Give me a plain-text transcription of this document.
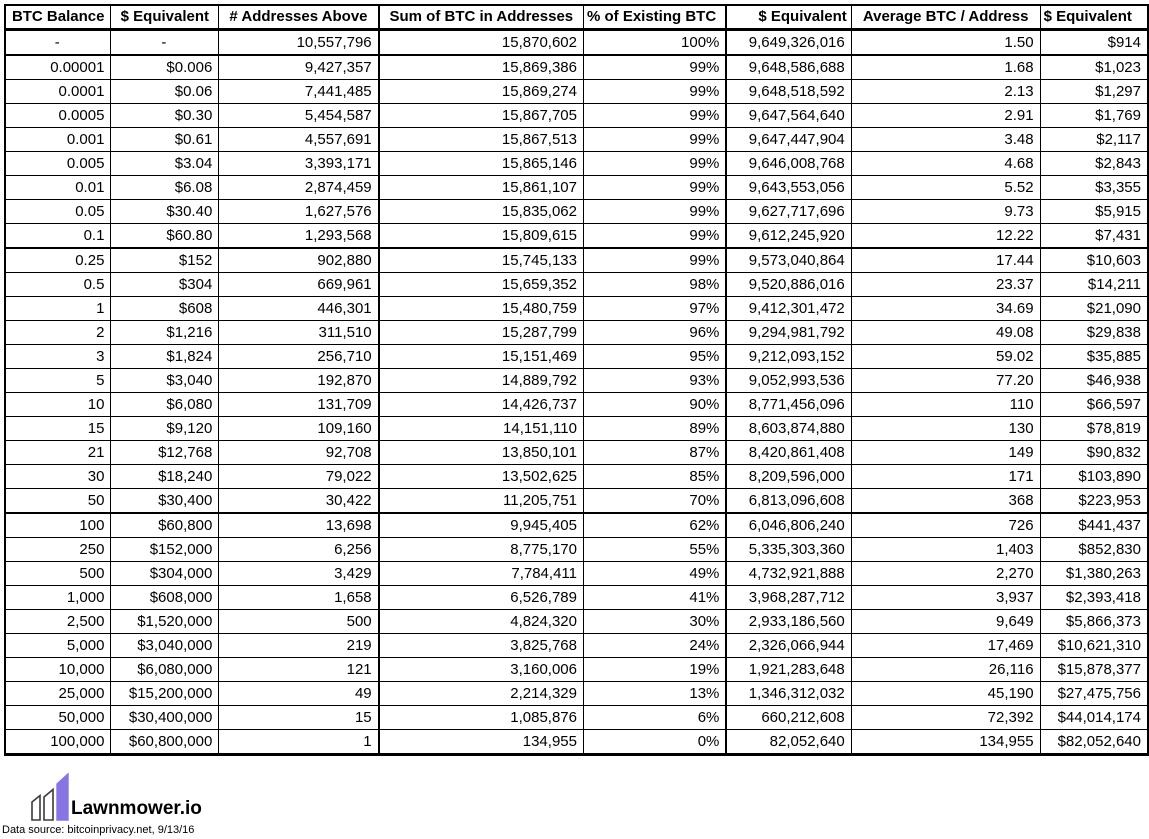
BTC Balance	$ Equivalent	# Addresses Above	Sum of BTC in Addresses	% of Existing BTC	$ Equivalent	Average BTC / Address	$ Equivalent
-	-	10,557,796	15,870,602	100%	9,649,326,016	1.50	$914
0.00001	$0.006	9,427,357	15,869,386	99%	9,648,586,688	1.68	$1,023
0.0001	$0.06	7,441,485	15,869,274	99%	9,648,518,592	2.13	$1,297
0.0005	$0.30	5,454,587	15,867,705	99%	9,647,564,640	2.91	$1,769
0.001	$0.61	4,557,691	15,867,513	99%	9,647,447,904	3.48	$2,117
0.005	$3.04	3,393,171	15,865,146	99%	9,646,008,768	4.68	$2,843
0.01	$6.08	2,874,459	15,861,107	99%	9,643,553,056	5.52	$3,355
0.05	$30.40	1,627,576	15,835,062	99%	9,627,717,696	9.73	$5,915
0.1	$60.80	1,293,568	15,809,615	99%	9,612,245,920	12.22	$7,431
0.25	$152	902,880	15,745,133	99%	9,573,040,864	17.44	$10,603
0.5	$304	669,961	15,659,352	98%	9,520,886,016	23.37	$14,211
1	$608	446,301	15,480,759	97%	9,412,301,472	34.69	$21,090
2	$1,216	311,510	15,287,799	96%	9,294,981,792	49.08	$29,838
3	$1,824	256,710	15,151,469	95%	9,212,093,152	59.02	$35,885
5	$3,040	192,870	14,889,792	93%	9,052,993,536	77.20	$46,938
10	$6,080	131,709	14,426,737	90%	8,771,456,096	110	$66,597
15	$9,120	109,160	14,151,110	89%	8,603,874,880	130	$78,819
21	$12,768	92,708	13,850,101	87%	8,420,861,408	149	$90,832
30	$18,240	79,022	13,502,625	85%	8,209,596,000	171	$103,890
50	$30,400	30,422	11,205,751	70%	6,813,096,608	368	$223,953
100	$60,800	13,698	9,945,405	62%	6,046,806,240	726	$441,437
250	$152,000	6,256	8,775,170	55%	5,335,303,360	1,403	$852,830
500	$304,000	3,429	7,784,411	49%	4,732,921,888	2,270	$1,380,263
1,000	$608,000	1,658	6,526,789	41%	3,968,287,712	3,937	$2,393,418
2,500	$1,520,000	500	4,824,320	30%	2,933,186,560	9,649	$5,866,373
5,000	$3,040,000	219	3,825,768	24%	2,326,066,944	17,469	$10,621,310
10,000	$6,080,000	121	3,160,006	19%	1,921,283,648	26,116	$15,878,377
25,000	$15,200,000	49	2,214,329	13%	1,346,312,032	45,190	$27,475,756
50,000	$30,400,000	15	1,085,876	6%	660,212,608	72,392	$44,014,174
100,000	$60,800,000	1	134,955	0%	82,052,640	134,955	$82,052,640
Lawnmower.io
Data source: bitcoinprivacy.net, 9/13/16
